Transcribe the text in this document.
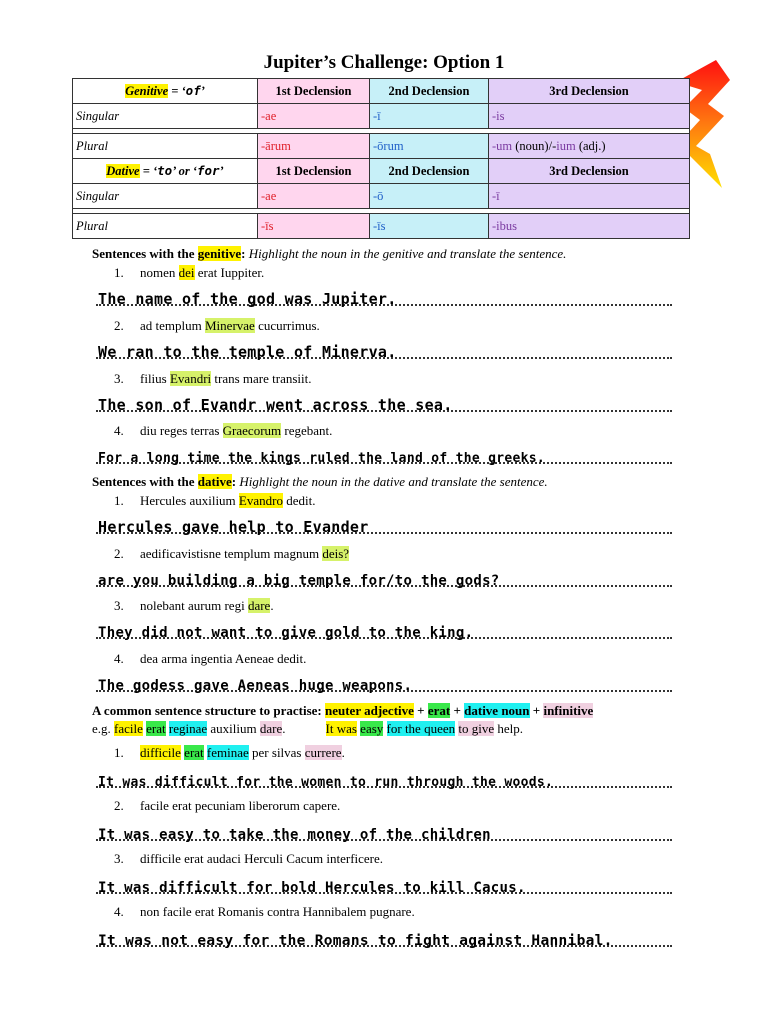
Jupiter’s Challenge: Option 1
Genitive = ‘of’	1st Declension	2nd Declension	3rd Declension
Singular	-ae	-ī	-is

Plural	-ārum	-ōrum	-um (noun)/-ium (adj.)
Dative = ‘to’ or ‘for’	1st Declension	2nd Declension	3rd Declension
Singular	-ae	-ō	-ī

Plural	-īs	-īs	-ibus
Sentences with the genitive: Highlight the noun in the genitive and translate the sentence.
1. nomen dei erat Iuppiter.
The name of the god was Jupiter.
2. ad templum Minervae cucurrimus.
We ran to the temple of Minerva.
3. filius Evandri trans mare transiit.
The son of Evandr went across the sea.
4. diu reges terras Graecorum regebant.
For a long time the kings ruled the land of the greeks.
Sentences with the dative: Highlight the noun in the dative and translate the sentence.
1. Hercules auxilium Evandro dedit.
Hercules gave help to Evander
2. aedificavistisne templum magnum deis?
are you building a big temple for/to the gods?
3. nolebant aurum regi dare.
They did not want to give gold to the king.
4. dea arma ingentia Aeneae dedit.
The godess gave Aeneas huge weapons.
A common sentence structure to practise: neuter adjective + erat + dative noun + infinitive
e.g. facile erat reginae auxilium dare.	It was easy for the queen to give help.
1. difficile erat feminae per silvas currere.
It was difficult for the women to run through the woods.
2. facile erat pecuniam liberorum capere.
It was easy to take the money of the children
3. difficile erat audaci Herculi Cacum interficere.
It was difficult for bold Hercules to kill Cacus.
4. non facile erat Romanis contra Hannibalem pugnare.
It was not easy for the Romans to fight against Hannibal.
